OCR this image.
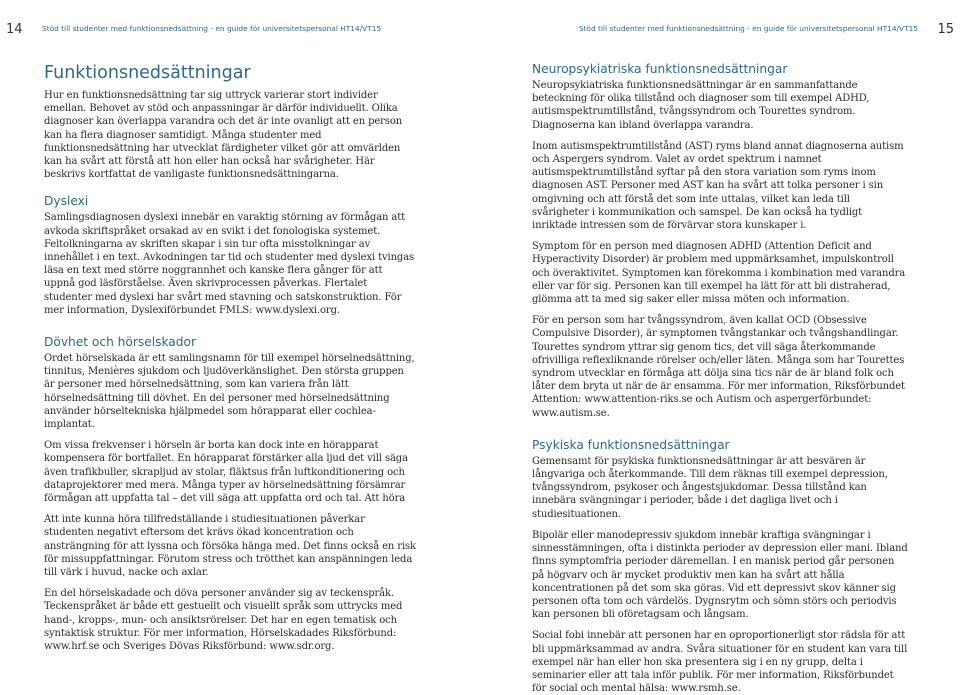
14	Stöd till studenter med funktionsnedsättning - en guide för universitetspersonal HT14/VT15
Funktionsnedsättningar

Hur en funktionsnedsättning tar sig uttryck varierar stort individer emellan. Behovet av stöd och anpassningar är därför individuellt. Olika diagnoser kan överlappa varandra och det är inte ovanligt att en person kan ha flera diagnoser samtidigt. Många studenter med funktionsnedsättning har utvecklat färdigheter vilket gör att omvärlden kan ha svårt att förstå att hon eller han också har svårigheter. Här beskrivs kortfattat de vanligaste funktionsnedsättningarna.

Dyslexi

Samlingsdiagnosen dyslexi innebär en varaktig störning av förmågan att avkoda skriftspråket orsakad av en svikt i det fonologiska systemet. Feltolkningarna av skriften skapar i sin tur ofta misstolkningar av innehållet i en text. Avkodningen tar tid och studenter med dyslexi tvingas läsa en text med större noggrannhet och kanske flera gånger för att uppnå god läsförståelse. Även skrivprocessen påverkas. Flertalet studenter med dyslexi har svårt med stavning och satskonstruktion. För mer information, Dyslexiförbundet FMLS: www.dyslexi.org.

Dövhet och hörselskador

Ordet hörselskada är ett samlingsnamn för till exempel hörselnedsättning, tinnitus, Menières sjukdom och ljudöverkänslighet. Den största gruppen är personer med hörselnedsättning, som kan variera från lätt hörselnedsättning till dövhet. En del personer med hörselnedsättning använder hörseltekniska hjälpmedel som hörapparat eller cochlea-implantat.

Om vissa frekvenser i hörseln är borta kan dock inte en hörapparat kompensera för bortfallet. En hörapparat förstärker alla ljud det vill säga även trafikbuller, skrapljud av stolar, fläktsus från luftkonditionering och dataprojektorer med mera. Många typer av hörselnedsättning försämrar förmågan att uppfatta tal – det vill säga att uppfatta ord och tal. Att höra

Att inte kunna höra tillfredställande i studiesituationen påverkar studenten negativt eftersom det krävs ökad koncentration och ansträngning för att lyssna och försöka hänga med. Det finns också en risk för missuppfattningar. Förutom stress och trötthet kan anspänningen leda till värk i huvud, nacke och axlar.

En del hörselskadade och döva personer använder sig av teckenspråk. Teckenspråket är både ett gestuellt och visuellt språk som uttrycks med hand-, kropps-, mun- och ansiktsrörelser. Det har en egen tematisk och syntaktisk struktur. För mer information, Hörselskadades Riksförbund: www.hrf.se och Sveriges Dövas Riksförbund: www.sdr.org.

Stöd till studenter med funktionsnedsättning - en guide för universitetspersonal HT14/VT15 15
Neuropsykiatriska funktionsnedsättningar

Neuropsykiatriska funktionsnedsättningar är en sammanfattande beteckning för olika tillstånd och diagnoser som till exempel ADHD, autismspektrumtillstånd, tvångssyndrom och Tourettes syndrom. Diagnoserna kan ibland överlappa varandra.

Inom autismspektrumtillstånd (AST) ryms bland annat diagnoserna autism och Aspergers syndrom. Valet av ordet spektrum i namnet autismspektrumtillstånd syftar på den stora variation som ryms inom diagnosen AST. Personer med AST kan ha svårt att tolka personer i sin omgivning och att förstå det som inte uttalas, vilket kan leda till svårigheter i kommunikation och samspel. De kan också ha tydligt inriktade intressen som de förvärvar stora kunskaper i.

Symptom för en person med diagnosen ADHD (Attention Deficit and Hyperactivity Disorder) är problem med uppmärksamhet, impulskontroll och överaktivitet. Symptomen kan förekomma i kombination med varandra eller var för sig. Personen kan till exempel ha lätt för att bli distraherad, glömma att ta med sig saker eller missa möten och information.

För en person som har tvångssyndrom, även kallat OCD (Obsessive Compulsive Disorder), är symptomen tvångstankar och tvångshandlingar. Tourettes syndrom yttrar sig genom tics, det vill säga återkommande ofrivilliga reflexliknande rörelser och/eller läten. Många som har Tourettes syndrom utvecklar en förmåga att dölja sina tics när de är bland folk och låter dem bryta ut när de är ensamma. För mer information, Riksförbundet Attention: www.attention-riks.se och Autism och aspergerförbundet: www.autism.se.

Psykiska funktionsnedsättningar

Gemensamt för psykiska funktionsnedsättningar är att besvären är långvariga och återkommande. Till dem räknas till exempel depression, tvångssyndrom, psykoser och ångestsjukdomar. Dessa tillstånd kan innebära svängningar i perioder, både i det dagliga livet och i studiesituationen.

Bipolär eller manodepressiv sjukdom innebär kraftiga svängningar i sinnesstämningen, ofta i distinkta perioder av depression eller mani. Ibland finns symptomfria perioder däremellan. I en manisk period går personen på högvarv och är mycket produktiv men kan ha svårt att hålla koncentrationen på det som ska göras. Vid ett depressivt skov känner sig personen ofta tom och värdelös. Dygnsrytm och sömn störs och periodvis kan personen bli oföretagsam och långsam.

Social fobi innebär att personen har en oproportionerligt stor rädsla för att bli uppmärksammad av andra. Svåra situationer för en student kan vara till exempel när han eller hon ska presentera sig i en ny grupp, delta i seminarier eller att tala inför publik. För mer information, Riksförbundet för social och mental hälsa: www.rsmh.se.
